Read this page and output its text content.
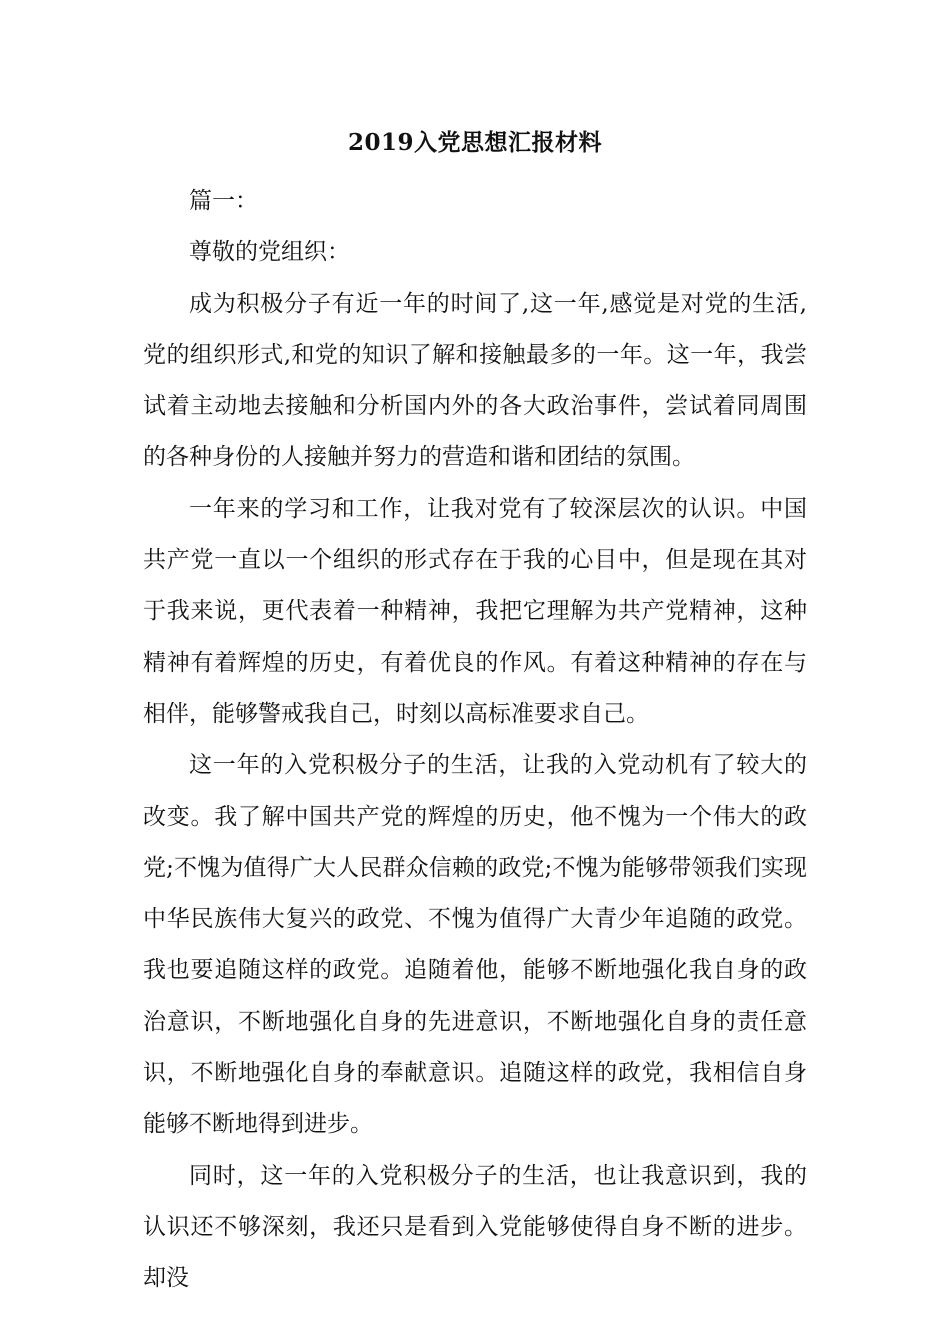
2019入党思想汇报材料

篇一：

尊敬的党组织：

成为积极分子有近一年的时间了,这一年,感觉是对党的生活,党的组织形式,和党的知识了解和接触最多的一年。这一年，我尝试着主动地去接触和分析国内外的各大政治事件，尝试着同周围的各种身份的人接触并努力的营造和谐和团结的氛围。

一年来的学习和工作，让我对党有了较深层次的认识。中国共产党一直以一个组织的形式存在于我的心目中，但是现在其对于我来说，更代表着一种精神，我把它理解为共产党精神，这种精神有着辉煌的历史，有着优良的作风。有着这种精神的存在与相伴，能够警戒我自己，时刻以高标准要求自己。

这一年的入党积极分子的生活，让我的入党动机有了较大的改变。我了解中国共产党的辉煌的历史，他不愧为一个伟大的政党;不愧为值得广大人民群众信赖的政党;不愧为能够带领我们实现中华民族伟大复兴的政党、不愧为值得广大青少年追随的政党。我也要追随这样的政党。追随着他，能够不断地强化我自身的政治意识，不断地强化自身的先进意识，不断地强化自身的责任意识，不断地强化自身的奉献意识。追随这样的政党，我相信自身能够不断地得到进步。

同时，这一年的入党积极分子的生活，也让我意识到，我的认识还不够深刻，我还只是看到入党能够使得自身不断的进步。却没
